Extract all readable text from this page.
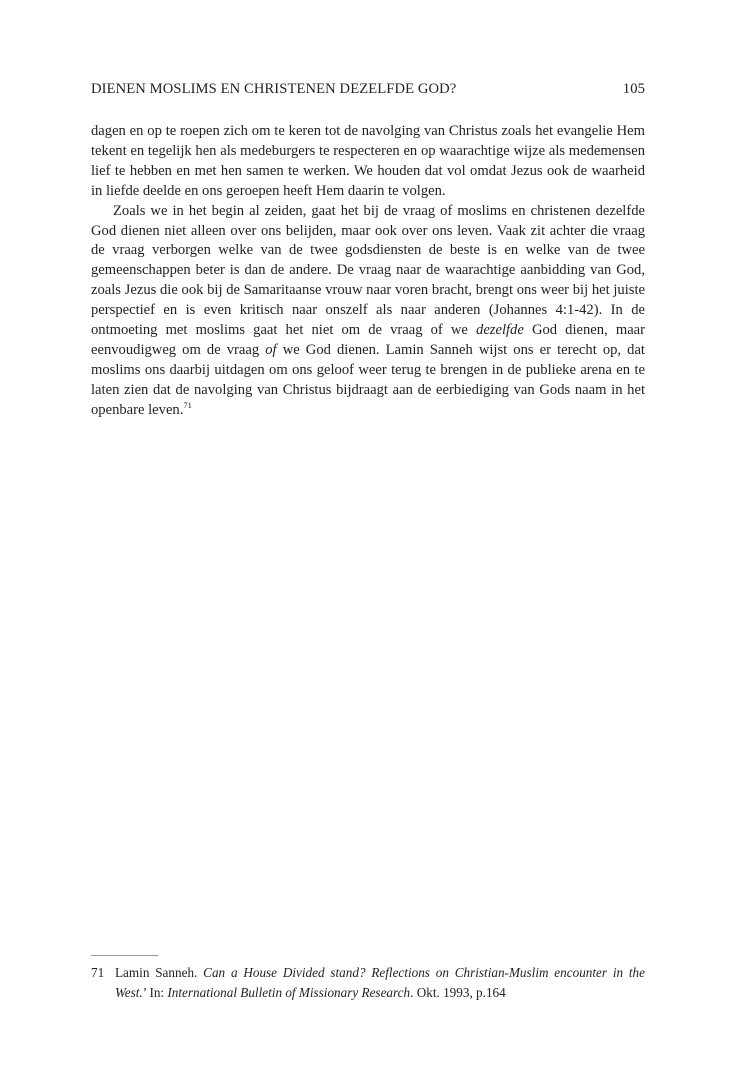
DIENEN MOSLIMS EN CHRISTENEN DEZELFDE GOD?	105

dagen en op te roepen zich om te keren tot de navolging van Christus zoals het evangelie Hem tekent en tegelijk hen als medeburgers te respecteren en op waarachtige wijze als medemensen lief te hebben en met hen samen te werken. We houden dat vol omdat Jezus ook de waarheid in liefde deelde en ons geroepen heeft Hem daarin te volgen.

Zoals we in het begin al zeiden, gaat het bij de vraag of moslims en christenen dezelfde God dienen niet alleen over ons belijden, maar ook over ons leven. Vaak zit achter die vraag de vraag verborgen welke van de twee godsdiensten de beste is en welke van de twee gemeenschappen beter is dan de andere. De vraag naar de waarachtige aanbidding van God, zoals Jezus die ook bij de Samaritaanse vrouw naar voren bracht, brengt ons weer bij het juiste perspectief en is even kritisch naar onszelf als naar anderen (Johannes 4:1-42). In de ontmoeting met moslims gaat het niet om de vraag of we dezelfde God dienen, maar eenvoudigweg om de vraag of we God dienen. Lamin Sanneh wijst ons er terecht op, dat moslims ons daarbij uitdagen om ons geloof weer terug te brengen in de publieke arena en te laten zien dat de navolging van Christus bijdraagt aan de eerbiediging van Gods naam in het openbare leven.$^{71}$

71 Lamin Sanneh. Can a House Divided stand? Reflections on Christian-Muslim encounter in the West.’ In: International Bulletin of Missionary Research. Okt. 1993, p.164
